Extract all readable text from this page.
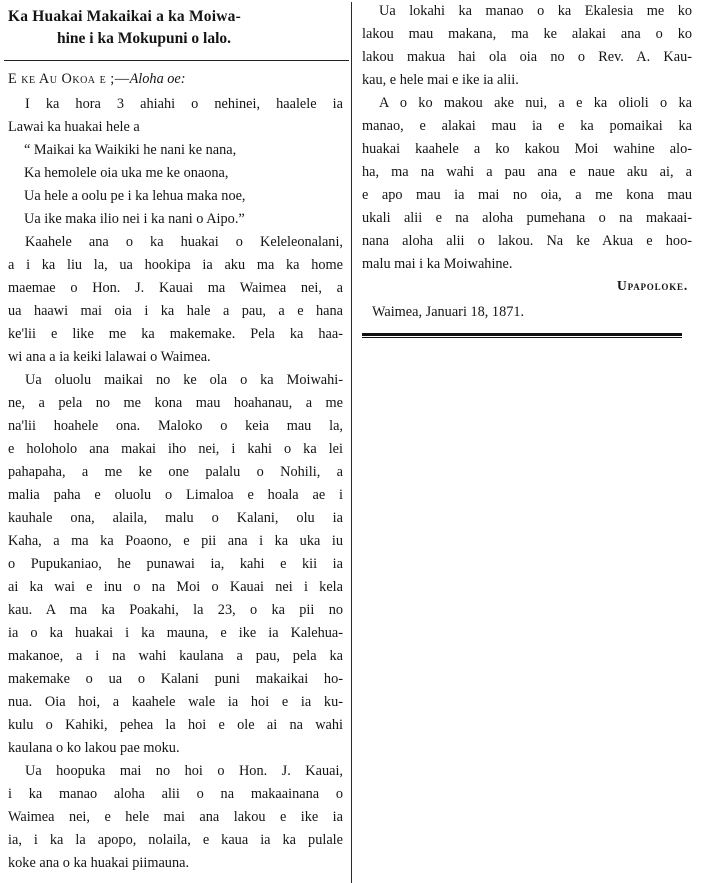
Ka Huakai Makaikai a ka Moiwa-
hine i ka Mokupuni o lalo.
E ke Au Okoa e ;—Aloha oe:
I ka hora 3 ahiahi o nehinei, haalele ia
Lawai ka huakai hele a
“ Maikai ka Waikiki he nani ke nana,
Ka hemolele oia uka me ke onaona,
Ua hele a oolu pe i ka lehua maka noe,
Ua ike maka ilio nei i ka nani o Aipo.”
Kaahele ana o ka huakai o Keleleonalani,
a i ka liu la, ua hookipa ia aku ma ka home
maemae o Hon. J. Kauai ma Waimea nei, a
ua haawi mai oia i ka hale a pau, a e hana
ke'lii e like me ka makemake. Pela ka haa-
wi ana a ia keiki lalawai o Waimea.
Ua oluolu maikai no ke ola o ka Moiwahi-
ne, a pela no me kona mau hoahanau, a me
na'lii hoahele ona. Maloko o keia mau la,
e holoholo ana makai iho nei, i kahi o ka lei
pahapaha, a me ke one palalu o Nohili, a
malia paha e oluolu o Limaloa e hoala ae i
kauhale ona, alaila, malu o Kalani, olu ia
Kaha, a ma ka Poaono, e pii ana i ka uka iu
o Pupukaniao, he punawai ia, kahi e kii ia
ai ka wai e inu o na Moi o Kauai nei i kela
kau. A ma ka Poakahi, la 23, o ka pii no
ia o ka huakai i ka mauna, e ike ia Kalehua-
makanoe, a i na wahi kaulana a pau, pela ka
makemake o ua o Kalani puni makaikai ho-
nua. Oia hoi, a kaahele wale ia hoi e ia ku-
kulu o Kahiki, pehea la hoi e ole ai na wahi
kaulana o ko lakou pae moku.
Ua hoopuka mai no hoi o Hon. J. Kauai,
i ka manao aloha alii o na makaainana o
Waimea nei, e hele mai ana lakou e ike ia
ia, i ka la apopo, nolaila, e kaua ia ka pulale
koke ana o ka huakai piimauna.
Ua lokahi ka manao o ka Ekalesia me ko
lakou mau makana, ma ke alakai ana o ko
lakou makua hai ola oia no o Rev. A. Kau-
kau, e hele mai e ike ia alii.
A o ko makou ake nui, a e ka olioli o ka
manao, e alakai mau ia e ka pomaikai ka
huakai kaahele a ko kakou Moi wahine alo-
ha, ma na wahi a pau ana e naue aku ai, a
e apo mau ia mai no oia, a me kona mau
ukali alii e na aloha pumehana o na makaai-
nana aloha alii o lakou. Na ke Akua e hoo-
malu mai i ka Moiwahine.
Upapoloke.
Waimea, Januari 18, 1871.
